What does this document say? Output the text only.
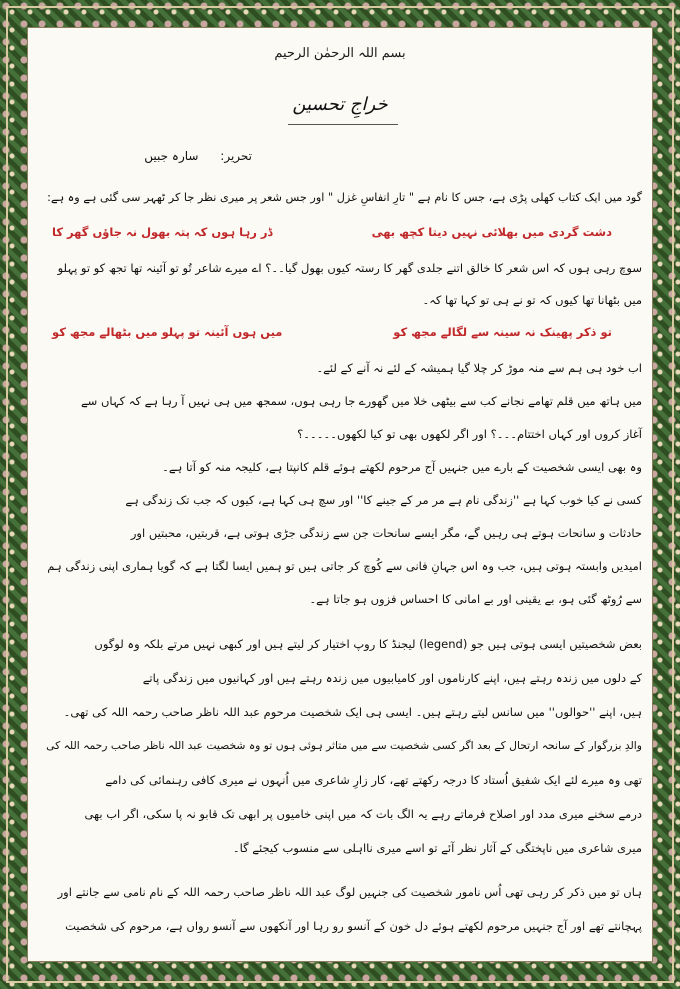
بسم اللہ الرحمٰن الرحیم
خراجِ تحسین
تحریر: سارہ جبیں
گود میں ایک کتاب کھلی پڑی ہے، جس کا نام ہے " تارِ انفاسِ غزل " اور جس شعر پر میری نظر جا کر ٹھہر سی گئی ہے وہ ہے:
دشت گردی میں بھلائی نہیں دیتا کچھ بھی
ڈر رہا ہوں کہ پتہ بھول نہ جاؤں گھر کا
سوچ رہی ہوں کہ اس شعر کا خالق اتنے جلدی گھر کا رستہ کیوں بھول گیا۔۔؟ اے میرے شاعر تُو تو آئینہ تھا تجھ کو تو پہلو
میں بٹھانا تھا کیوں کہ تو نے ہی تو کہا تھا کہ۔
تو ذکر پھینک نہ سینہ سے لگالے مجھ کو
میں ہوں آئینہ تو پہلو میں بٹھالے مجھ کو
اب خود ہی ہم سے منہ موڑ کر چلا گیا ہمیشہ کے لئے نہ آنے کے لئے۔
میں ہاتھ میں قلم تھامے نجانے کب سے بیٹھی خلا میں گھورے جا رہی ہوں، سمجھ میں ہی نہیں آ رہا ہے کہ کہاں سے
آغاز کروں اور کہاں اختتام۔۔۔؟ اور اگر لکھوں بھی تو کیا لکھوں۔۔۔۔۔؟
وہ بھی ایسی شخصیت کے بارے میں جنہیں آج مرحوم لکھتے ہوئے قلم کانپتا ہے، کلیجہ منہ کو آتا ہے۔
کسی نے کیا خوب کہا ہے ''زندگی نام ہے مر مر کے جینے کا'' اور سچ ہی کہا ہے، کیوں کہ جب تک زندگی ہے
حادثات و سانحات ہوتے ہی رہیں گے، مگر ایسے سانحات جن سے زندگی جڑی ہوتی ہے، قربتیں، محبتیں اور
امیدیں وابستہ ہوتی ہیں، جب وہ اس جہانِ فانی سے کُوچ کر جاتی ہیں تو ہمیں ایسا لگتا ہے کہ گویا ہماری اپنی زندگی ہم
سے رُوٹھ گئی ہو، بے یقینی اور بے امانی کا احساس فزوں ہو جاتا ہے۔
بعض شخصیتیں ایسی ہوتی ہیں جو (legend) لیجنڈ کا روپ اختیار کر لیتے ہیں اور کبھی نہیں مرتے بلکہ وہ لوگوں
کے دلوں میں زندہ رہتے ہیں، اپنے کارناموں اور کامیابیوں میں زندہ رہتے ہیں اور کہانیوں میں زندگی پاتے
ہیں، اپنے ''حوالوں'' میں سانس لیتے رہتے ہیں۔ ایسی ہی ایک شخصیت مرحوم عبد اللہ ناظر صاحب رحمہ اللہ کی تھی۔
والدِ بزرگوار کے سانحہ ارتحال کے بعد اگر کسی شخصیت سے میں متاثر ہوئی ہوں تو وہ شخصیت عبد اللہ ناظر صاحب رحمہ اللہ کی
تھی وہ میرے لئے ایک شفیق اُستاد کا درجہ رکھتے تھے، کار زارِ شاعری میں اُنہوں نے میری کافی رہنمائی کی دامے
درمے سخنے میری مدد اور اصلاح فرماتے رہے یہ الگ بات کہ میں اپنی خامیوں پر ابھی تک قابو نہ پا سکی، اگر اب بھی
میری شاعری میں ناپختگی کے آثار نظر آئے تو اسے میری نااہلی سے منسوب کیجئے گا۔
ہاں تو میں ذکر کر رہی تھی اُس نامور شخصیت کی جنہیں لوگ عبد اللہ ناظر صاحب رحمہ اللہ کے نام نامی سے جانتے اور
پہچانتے تھے اور آج جنہیں مرحوم لکھتے ہوئے دل خون کے آنسو رو رہا اور آنکھوں سے آنسو رواں ہے، مرحوم کی شخصیت
